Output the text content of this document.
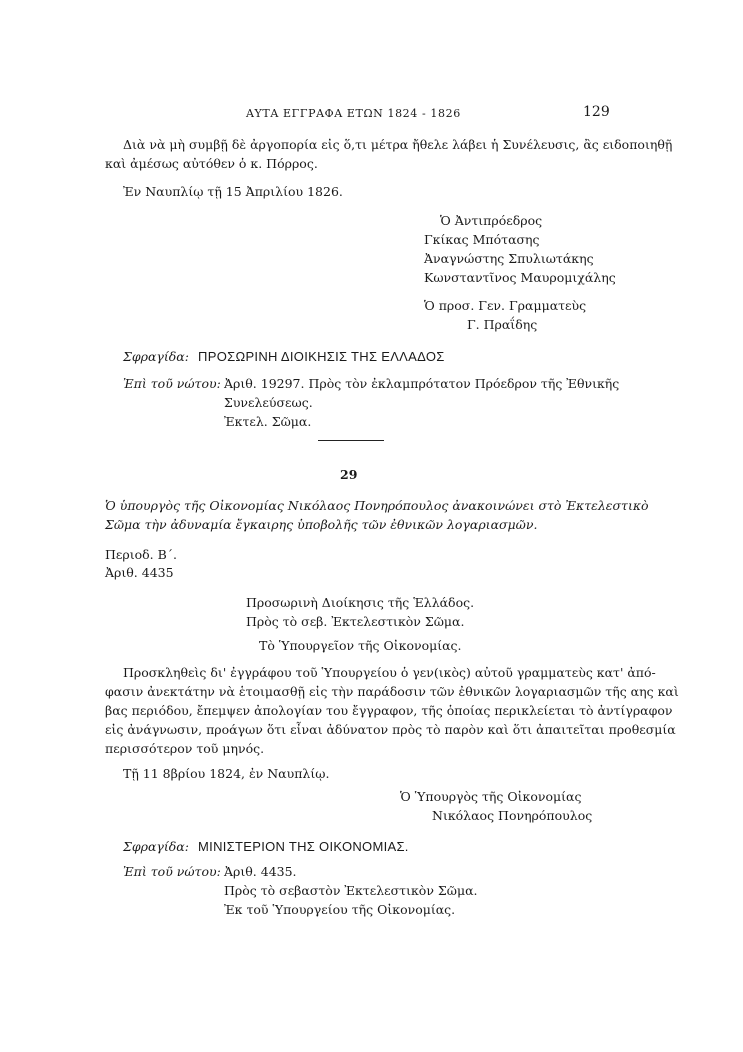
ΑΥΤΑ ΕΓΓΡΑΦΑ ΕΤΩΝ 1824 - 1826	129
Διὰ νὰ μὴ συμβῇ δὲ ἀργοπορία εἰς ὅ,τι μέτρα ἤθελε λάβει ἡ Συνέλευσις, ἂς ειδοποιηθῇ
καὶ ἀμέσως αὐτόθεν ὁ κ. Πόρρος.
Ἐν Ναυπλίῳ τῇ 15 Ἀπριλίου 1826.
Ὁ Ἀντιπρόεδρος
Γκίκας Μπότασης
Ἀναγνώστης Σπυλιωτάκης
Κωνσταντῖνος Μαυρομιχάλης
Ὁ προσ. Γεν. Γραμματεὺς
Γ. Πραΐδης
Σφραγίδα: ΠΡΟΣΩΡΙΝΗ ΔΙΟΙΚΗΣΙΣ ΤΗΣ ΕΛΛΑΔΟΣ
Ἐπὶ τοῦ νώτου: Ἀριθ. 19297. Πρὸς τὸν ἐκλαμπρότατον Πρόεδρον τῆς Ἐθνικῆς
Συνελεύσεως.
Ἐκτελ. Σῶμα.
29
Ὁ ὑπουργὸς τῆς Οἰκονομίας Νικόλαος Πονηρόπουλος ἀνακοινώνει στὸ Ἐκτελεστικὸ
Σῶμα τὴν ἀδυναμία ἔγκαιρης ὑποβολῆς τῶν ἐθνικῶν λογαριασμῶν.
Περιοδ. Β΄.
Ἀριθ. 4435
Προσωρινὴ Διοίκησις τῆς Ἑλλάδος.
Πρὸς τὸ σεβ. Ἐκτελεστικὸν Σῶμα.
Τὸ Ὑπουργεῖον τῆς Οἰκονομίας.
Προσκληθεὶς δι' ἐγγράφου τοῦ Ὑπουργείου ὁ γεν(ικὸς) αὐτοῦ γραμματεὺς κατ' ἀπό-
φασιν ἀνεκτάτην νὰ ἑτοιμασθῇ εἰς τὴν παράδοσιν τῶν ἐθνικῶν λογαριασμῶν τῆς αης καὶ
βας περιόδου, ἔπεμψεν ἀπολογίαν του ἔγγραφον, τῆς ὁποίας περικλείεται τὸ ἀντίγραφον
εἰς ἀνάγνωσιν, προάγων ὅτι εἶναι ἀδύνατον πρὸς τὸ παρὸν καὶ ὅτι ἀπαιτεῖται προθεσμία
περισσότερον τοῦ μηνός.
Τῇ 11 8βρίου 1824, ἐν Ναυπλίῳ.
Ὁ Ὑπουργὸς τῆς Οἰκονομίας
Νικόλαος Πονηρόπουλος
Σφραγίδα: ΜΙΝΙΣΤΕΡΙΟΝ ΤΗΣ ΟΙΚΟΝΟΜΙΑΣ.
Ἐπὶ τοῦ νώτου: Ἀριθ. 4435.
Πρὸς τὸ σεβαστὸν Ἐκτελεστικὸν Σῶμα.
Ἐκ τοῦ Ὑπουργείου τῆς Οἰκονομίας.
